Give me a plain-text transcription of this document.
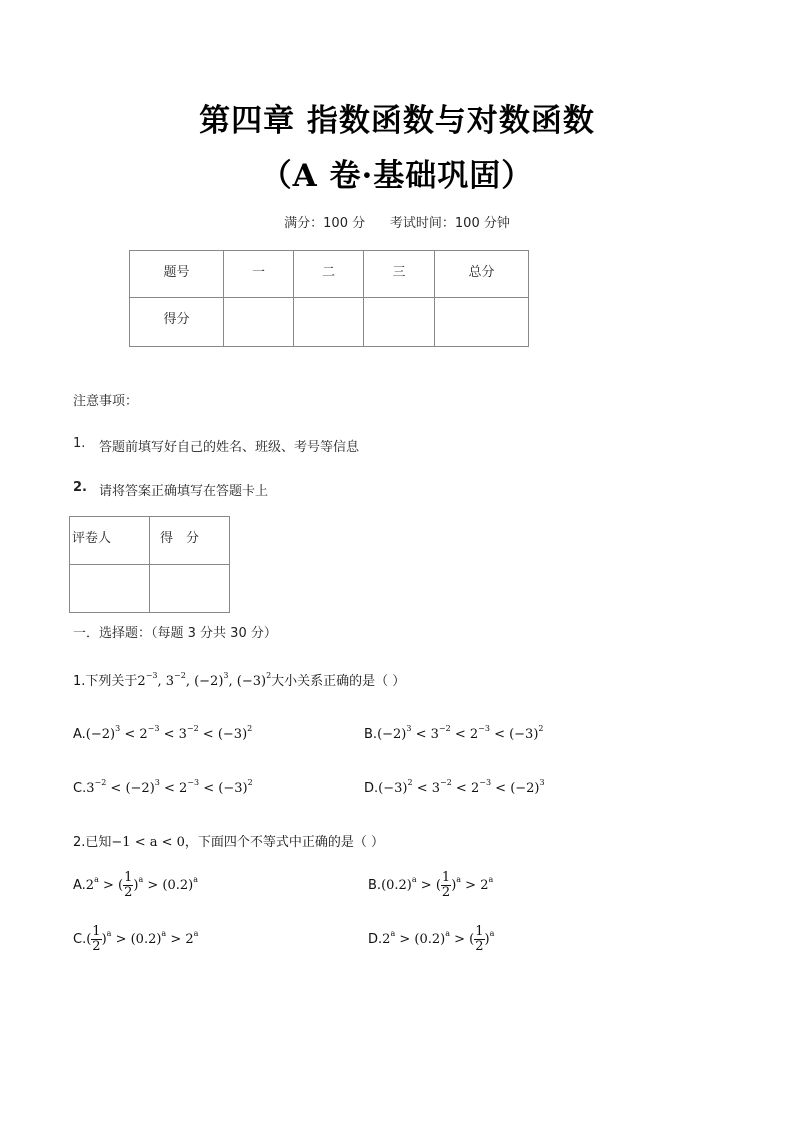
第四章 指数函数与对数函数
（A 卷·基础巩固）
满分：100 分      考试时间：100 分钟
题号	一	二	三	总分
得分				
注意事项：
1. 答题前填写好自己的姓名、班级、考号等信息
2. 请将答案正确填写在答题卡上
评卷人	得　分

一．选择题：（每题 3 分共 30 分）
1.下列关于$2^{-3}$, $3^{-2}$, $(-2)^3$, $(-3)^2$大小关系正确的是（ ）
$A.(-2)^3 < 2^{-3} < 3^{-2} < (-3)^2$	$B.(-2)^3 < 3^{-2} < 2^{-3} < (-3)^2$
$C.3^{-2} < (-2)^3 < 2^{-3} < (-3)^2$	$D.(-3)^2 < 3^{-2} < 2^{-3} < (-2)^3$
2.已知−1 < a < 0，下面四个不等式中正确的是（ ）
A.2$^a$ > ( $\frac{1}{2} )^a > (0.2)^a$	$B.(0.2)^a$ > ( $\frac{1}{2} )^a > 2^a$
$C.( \frac{1}{2} )^a > (0.2)^a > 2^a$	$D.2^a > (0.2)^a$ > ( $\frac{1}{2} )^a$
